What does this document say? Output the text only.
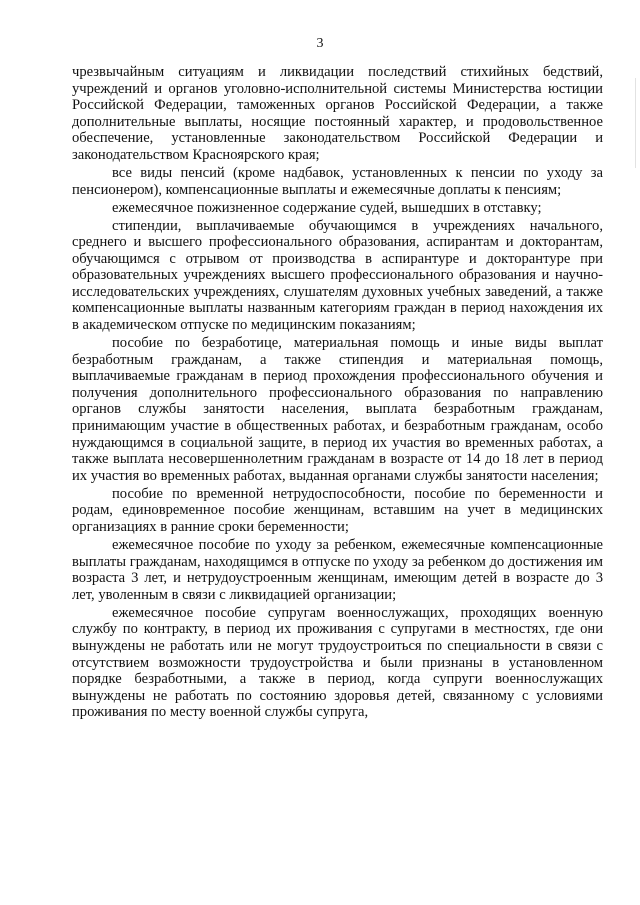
3

чрезвычайным ситуациям и ликвидации последствий стихийных бедствий, учреждений и органов уголовно-исполнительной системы Министерства юстиции Российской Федерации, таможенных органов Российской Федерации, а также дополнительные выплаты, носящие постоянный характер, и продовольственное обеспечение, установленные законодательством Российской Федерации и законодательством Красноярского края;

все виды пенсий (кроме надбавок, установленных к пенсии по уходу за пенсионером), компенсационные выплаты и ежемесячные доплаты к пенсиям;

ежемесячное пожизненное содержание судей, вышедших в отставку;

стипендии, выплачиваемые обучающимся в учреждениях начального, среднего и высшего профессионального образования, аспирантам и докторантам, обучающимся с отрывом от производства в аспирантуре и докторантуре при образовательных учреждениях высшего профессионального образования и научно-исследовательских учреждениях, слушателям духовных учебных заведений, а также компенсационные выплаты названным категориям граждан в период нахождения их в академическом отпуске по медицинским показаниям;

пособие по безработице, материальная помощь и иные виды выплат безработным гражданам, а также стипендия и материальная помощь, выплачиваемые гражданам в период прохождения профессионального обучения и получения дополнительного профессионального образования по направлению органов службы занятости населения, выплата безработным гражданам, принимающим участие в общественных работах, и безработным гражданам, особо нуждающимся в социальной защите, в период их участия во временных работах, а также выплата несовершеннолетним гражданам в возрасте от 14 до 18 лет в период их участия во временных работах, выданная органами службы занятости населения;

пособие по временной нетрудоспособности, пособие по беременности и родам, единовременное пособие женщинам, вставшим на учет в медицинских организациях в ранние сроки беременности;

ежемесячное пособие по уходу за ребенком, ежемесячные компенсационные выплаты гражданам, находящимся в отпуске по уходу за ребенком до достижения им возраста 3 лет, и нетрудоустроенным женщинам, имеющим детей в возрасте до 3 лет, уволенным в связи с ликвидацией организации;

ежемесячное пособие супругам военнослужащих, проходящих военную службу по контракту, в период их проживания с супругами в местностях, где они вынуждены не работать или не могут трудоустроиться по специальности в связи с отсутствием возможности трудоустройства и были признаны в установленном порядке безработными, а также в период, когда супруги военнослужащих вынуждены не работать по состоянию здоровья детей, связанному с условиями проживания по месту военной службы супруга,
